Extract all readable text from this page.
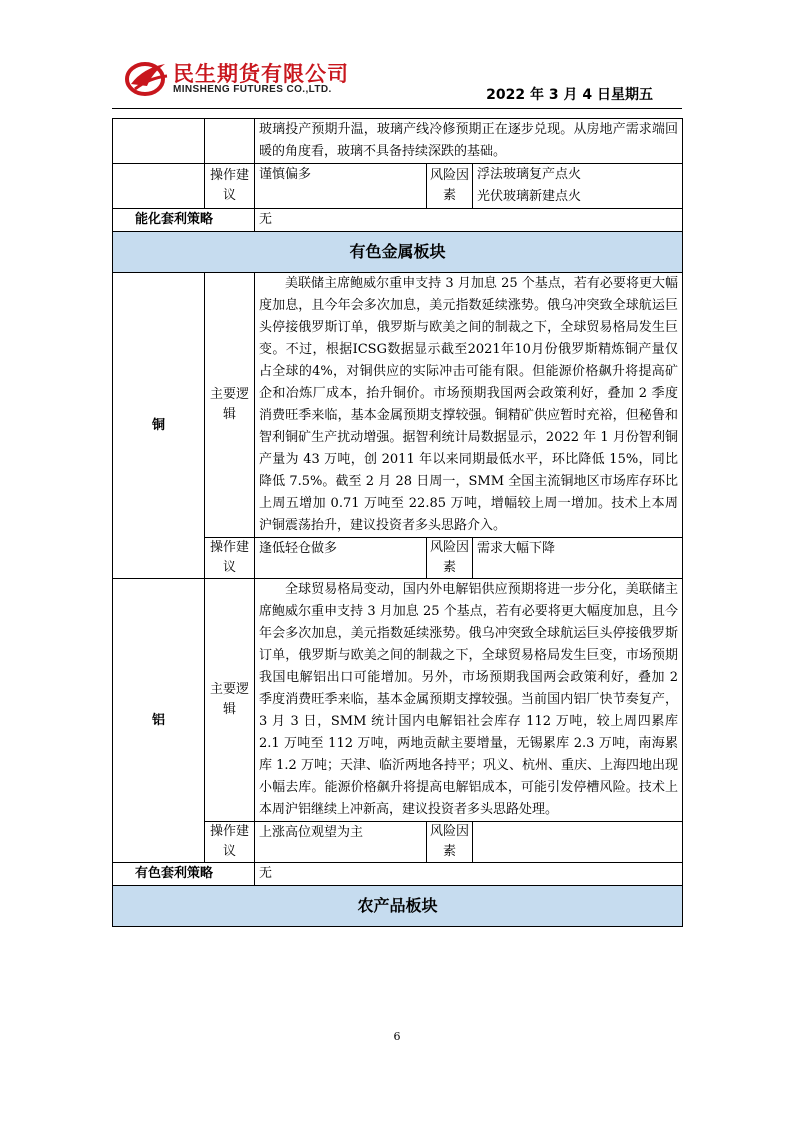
民生期货有限公司
MINSHENG FUTURES CO.,LTD.	2022 年 3 月 4 日星期五
		玻璃投产预期升温，玻璃产线冷修预期正在逐步兑现。从房地产需求端回暖的角度看，玻璃不具备持续深跌的基础。		
	操作建议	谨慎偏多	风险因素	浮法玻璃复产点火
光伏玻璃新建点火

能化套利策略		无		
有色金属板块				
铜	主要逻辑	美联储主席鲍威尔重申支持 3 月加息 25 个基点，若有必要将更大幅度加息，且今年会多次加息，美元指数延续涨势。俄乌冲突致全球航运巨头停接俄罗斯订单，俄罗斯与欧美之间的制裁之下，全球贸易格局发生巨变。不过，根据ICSG数据显示截至2021年10月份俄罗斯精炼铜产量仅占全球的4%，对铜供应的实际冲击可能有限。但能源价格飙升将提高矿企和冶炼厂成本，抬升铜价。市场预期我国两会政策利好，叠加 2 季度消费旺季来临，基本金属预期支撑较强。铜精矿供应暂时充裕，但秘鲁和智利铜矿生产扰动增强。据智利统计局数据显示，2022 年 1 月份智利铜产量为 43 万吨，创 2011 年以来同期最低水平，环比降低 15%，同比降低 7.5%。截至 2 月 28 日周一，SMM 全国主流铜地区市场库存环比上周五增加 0.71 万吨至 22.85 万吨，增幅较上周一增加。技术上本周沪铜震荡抬升，建议投资者多头思路介入。		
	操作建议	逢低轻仓做多	风险因素	需求大幅下降
铝	主要逻辑	全球贸易格局变动，国内外电解铝供应预期将进一步分化，美联储主席鲍威尔重申支持 3 月加息 25 个基点，若有必要将更大幅度加息，且今年会多次加息，美元指数延续涨势。俄乌冲突致全球航运巨头停接俄罗斯订单，俄罗斯与欧美之间的制裁之下，全球贸易格局发生巨变，市场预期我国电解铝出口可能增加。另外，市场预期我国两会政策利好，叠加 2 季度消费旺季来临，基本金属预期支撑较强。当前国内铝厂快节奏复产，3 月 3 日，SMM 统计国内电解铝社会库存 112 万吨，较上周四累库 2.1 万吨至 112 万吨，两地贡献主要增量，无锡累库 2.3 万吨，南海累库 1.2 万吨；天津、临沂两地各持平；巩义、杭州、重庆、上海四地出现小幅去库。能源价格飙升将提高电解铝成本，可能引发停槽风险。技术上本周沪铝继续上冲新高，建议投资者多头思路处理。		
	操作建议	上涨高位观望为主	风险因素	
有色套利策略		无		
农产品板块				
6
